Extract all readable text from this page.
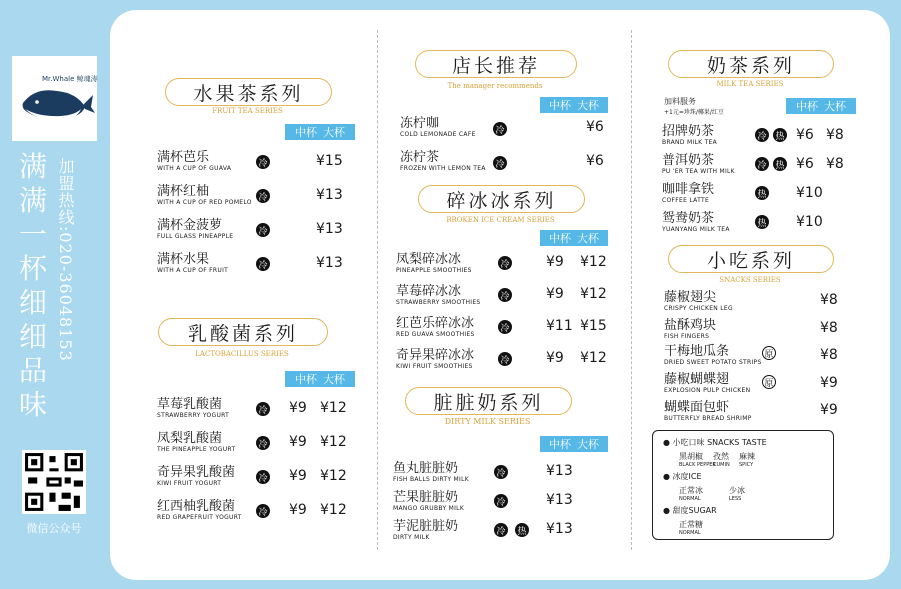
Mr.Whale 鲸魂涛
满
满
一
杯
细
细
品
味
加盟热线:020-36048153
微信公众号
水果茶系列
FRUIT TEA SERIES
中杯 大杯
满杯芭乐
WITH A CUP OF GUAVA	冷	¥15
满杯红柚
WITH A CUP OF RED POMELO 冷	¥13
满杯金菠萝
FULL GLASS PINEAPPLE	冷	¥13
满杯水果
WITH A CUP OF FRUIT	冷	¥13
乳酸菌系列
LACTOBACILLUS SERIES
中杯 大杯
草莓乳酸菌
STRAWBERRY YOGURT	冷 ¥9 ¥12
凤梨乳酸菌
THE PINEAPPLE YOGURT	冷 ¥9 ¥12
奇异果乳酸菌
KIWI FRUIT YOGURT	冷 ¥9 ¥12
红西柚乳酸菌
RED GRAPEFRUIT YOGURT 冷 ¥9 ¥12
店长推荐
The manager recommends
中杯 大杯
冻柠咖
COLD LEMONADE CAFE 冷	¥6
冻柠茶
FROZEN WITH LEMON TEA 冷	¥6
碎冰冰系列
BROKEN ICE CREAM SERIES
中杯 大杯
凤梨碎冰冰
PINEAPPLE SMOOTHIES
冷	¥9 ¥12
草莓碎冰冰
STRAWBERRY SMOOTHIES
冷	¥9 ¥12
红芭乐碎冰冰
RED GUAVA SMOOTHIES
冷	¥11 ¥15
奇异果碎冰冰
KIWI FRUIT SMOOTHIES
冷	¥9 ¥12
脏脏奶系列
DIRTY MILK SERIES
中杯 大杯
鱼丸脏脏奶
FISH BALLS DIRTY MILK
冷	¥13
芒果脏脏奶
MANGO GRUBBY MILK
冷	¥13
芋泥脏脏奶
DIRTY MILK
冷 热 ¥13
奶茶系列
MILK TEA SERIES
加料服务
+1元=珍珠/椰果/红豆	中杯 大杯
招牌奶茶
BRAND MILK TEA
冷 热 ¥6 ¥8
普洱奶茶
PU 'ER TEA WITH MILK
冷 热 ¥6 ¥8
咖啡拿铁
COFFEE LATTE
热 ¥10
鸳鸯奶茶
YUANYANG MILK TEA
热 ¥10
小吃系列
SNACKS SERIES
藤椒翅尖
CRISPY CHICKEN LEG
¥8
盐酥鸡块
FISH FINGERS
¥8
干梅地瓜条
DRIED SWEET POTATO STRIPS
原	¥8
藤椒蝴蝶翅
EXPLOSION PULP CHICKEN
原	¥9
蝴蝶面包虾
BUTTERFLY BREAD SHRIMP
¥9
● 小吃口味 SNACKS TASTE
黑胡椒
BLACK PEPPER
孜然
CUMIN
麻辣
SPICY
● 冰度ICE
正常冰
NORMAL
少冰
LESS
● 甜度SUGAR
正常糖
NORMAL
